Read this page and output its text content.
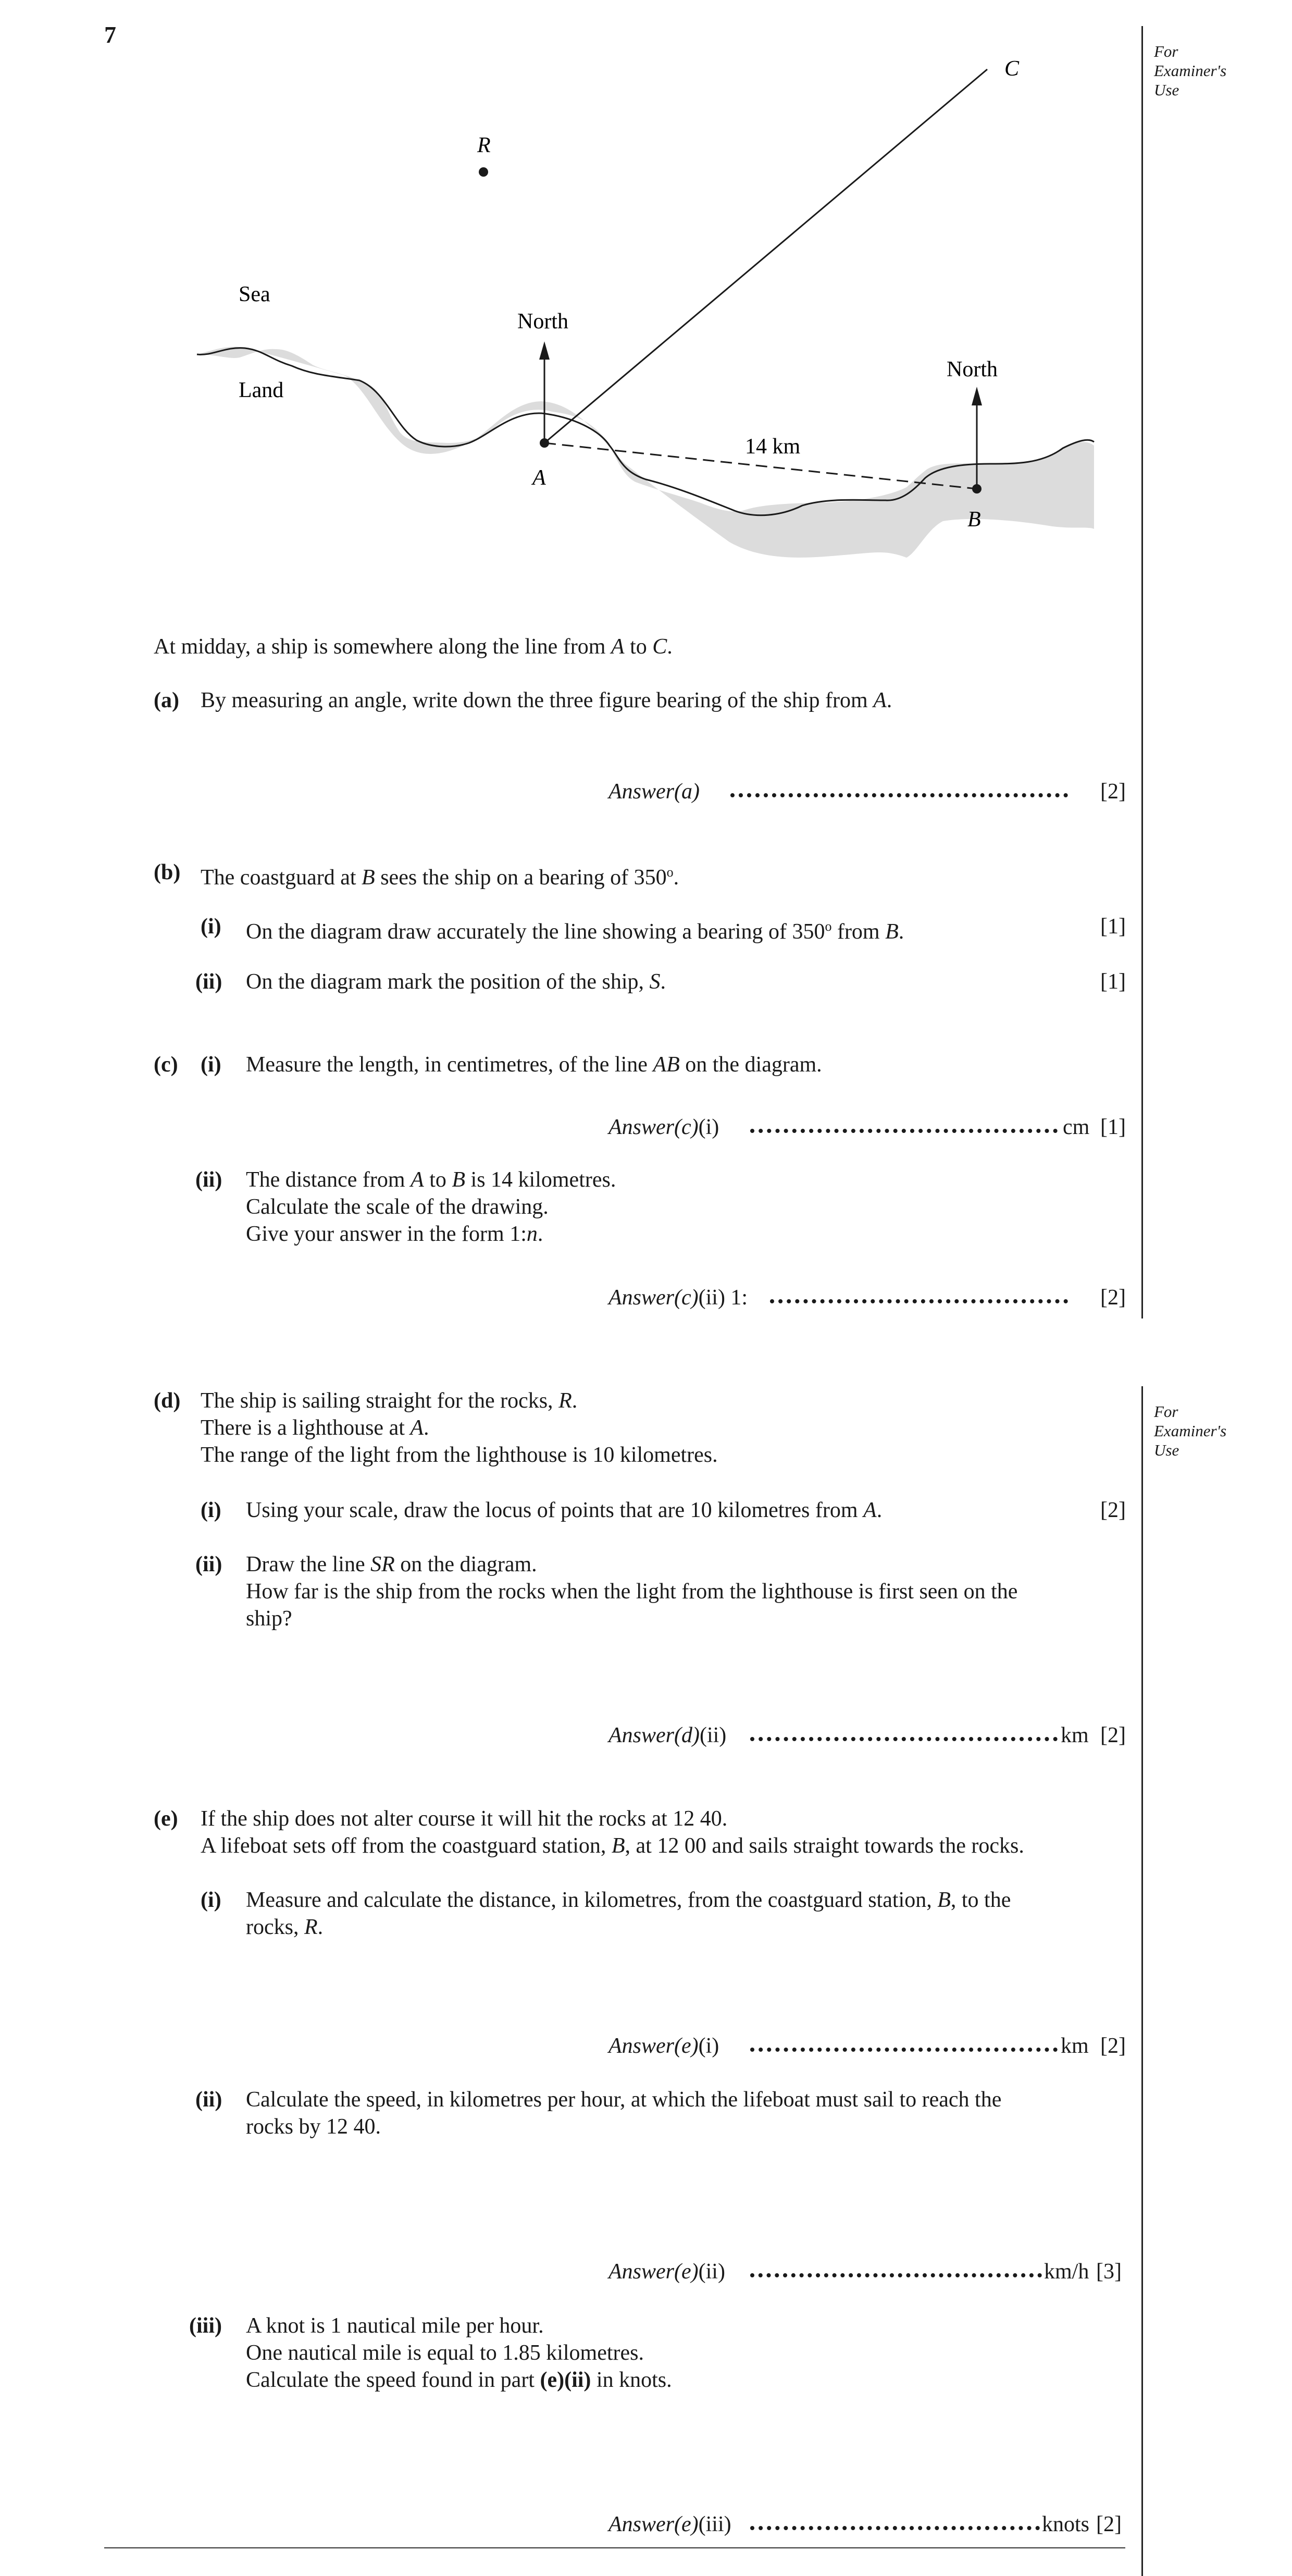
7
For
Examiner's
Use
For
Examiner's
Use
Sea
Land
North
North
A
B
C
R
14 km
At midday, a ship is somewhere along the line from A to C.
(a) By measuring an angle, write down the three figure bearing of the ship from A.
Answer(a)	[2]
(b) The coastguard at B sees the ship on a bearing of 350$^o$.
(i) On the diagram draw accurately the line showing a bearing of 350$^o$ from B.	[1]
(ii) On the diagram mark the position of the ship, S.	[1]
(c) (i) Measure the length, in centimetres, of the line AB on the diagram.
Answer(c)(i)	cm [1]
(ii) The distance from A to B is 14 kilometres.
Calculate the scale of the drawing.
Give your answer in the form 1:n.
Answer(c)(ii) 1:	[2]
(d) The ship is sailing straight for the rocks, R.
There is a lighthouse at A.
The range of the light from the lighthouse is 10 kilometres.
(i) Using your scale, draw the locus of points that are 10 kilometres from A.	[2]
(ii) Draw the line SR on the diagram.
How far is the ship from the rocks when the light from the lighthouse is first seen on the
ship?
Answer(d)(ii)	km [2]
(e) If the ship does not alter course it will hit the rocks at 12 40.
A lifeboat sets off from the coastguard station, B, at 12 00 and sails straight towards the rocks.
(i) Measure and calculate the distance, in kilometres, from the coastguard station, B, to the
rocks, R.
Answer(e)(i)	km [2]
(ii) Calculate the speed, in kilometres per hour, at which the lifeboat must sail to reach the
rocks by 12 40.
Answer(e)(ii)	km/h [3]
(iii) A knot is 1 nautical mile per hour.
One nautical mile is equal to 1.85 kilometres.
Calculate the speed found in part (e)(ii) in knots.
Answer(e)(iii)	knots [2]
